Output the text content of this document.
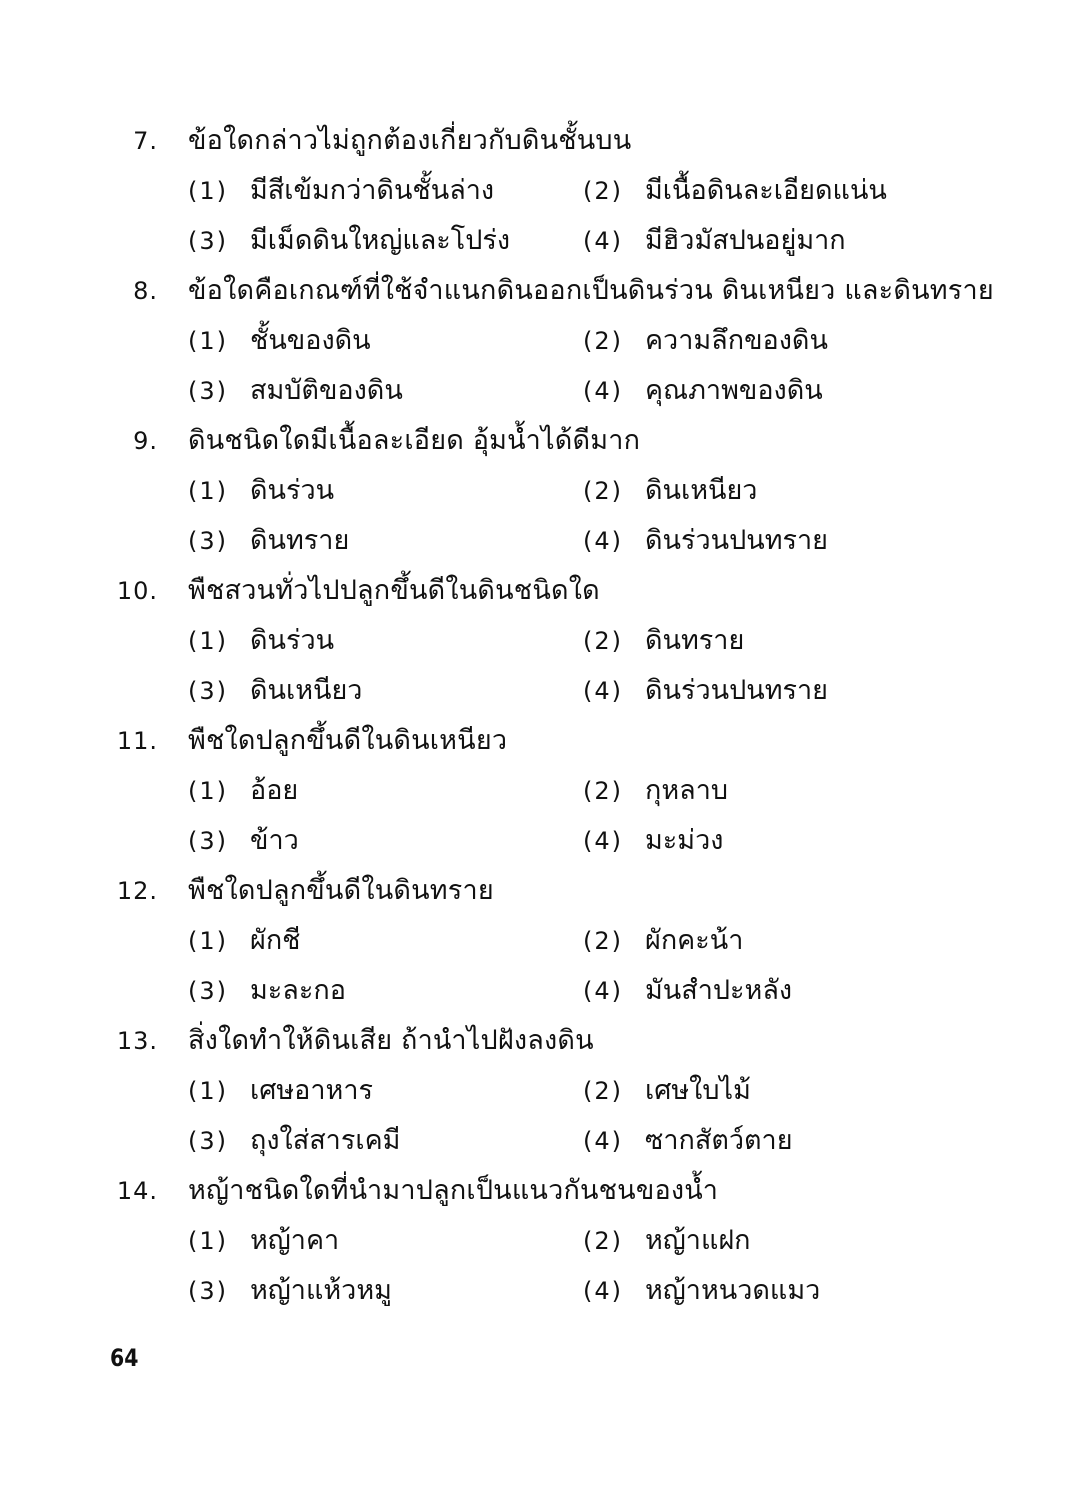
7. ข้อใดกล่าวไม่ถูกต้องเกี่ยวกับดินชั้นบน
(1) มีสีเข้มกว่าดินชั้นล่าง	(2) มีเนื้อดินละเอียดแน่น
(3) มีเม็ดดินใหญ่และโปร่ง	(4) มีฮิวมัสปนอยู่มาก
8. ข้อใดคือเกณฑ์ที่ใช้จำแนกดินออกเป็นดินร่วน ดินเหนียว และดินทราย
(1) ชั้นของดิน	(2) ความลึกของดิน
(3) สมบัติของดิน	(4) คุณภาพของดิน
9. ดินชนิดใดมีเนื้อละเอียด อุ้มน้ำได้ดีมาก
(1) ดินร่วน	(2) ดินเหนียว
(3) ดินทราย	(4) ดินร่วนปนทราย
10. พืชสวนทั่วไปปลูกขึ้นดีในดินชนิดใด
(1) ดินร่วน	(2) ดินทราย
(3) ดินเหนียว	(4) ดินร่วนปนทราย
11. พืชใดปลูกขึ้นดีในดินเหนียว
(1) อ้อย	(2) กุหลาบ
(3) ข้าว	(4) มะม่วง
12. พืชใดปลูกขึ้นดีในดินทราย
(1) ผักชี	(2) ผักคะน้า
(3) มะละกอ	(4) มันสำปะหลัง
13. สิ่งใดทำให้ดินเสีย ถ้านำไปฝังลงดิน
(1) เศษอาหาร	(2) เศษใบไม้
(3) ถุงใส่สารเคมี	(4) ซากสัตว์ตาย
14. หญ้าชนิดใดที่นำมาปลูกเป็นแนวกันชนของน้ำ
(1) หญ้าคา	(2) หญ้าแฝก
(3) หญ้าแห้วหมู	(4) หญ้าหนวดแมว
64
